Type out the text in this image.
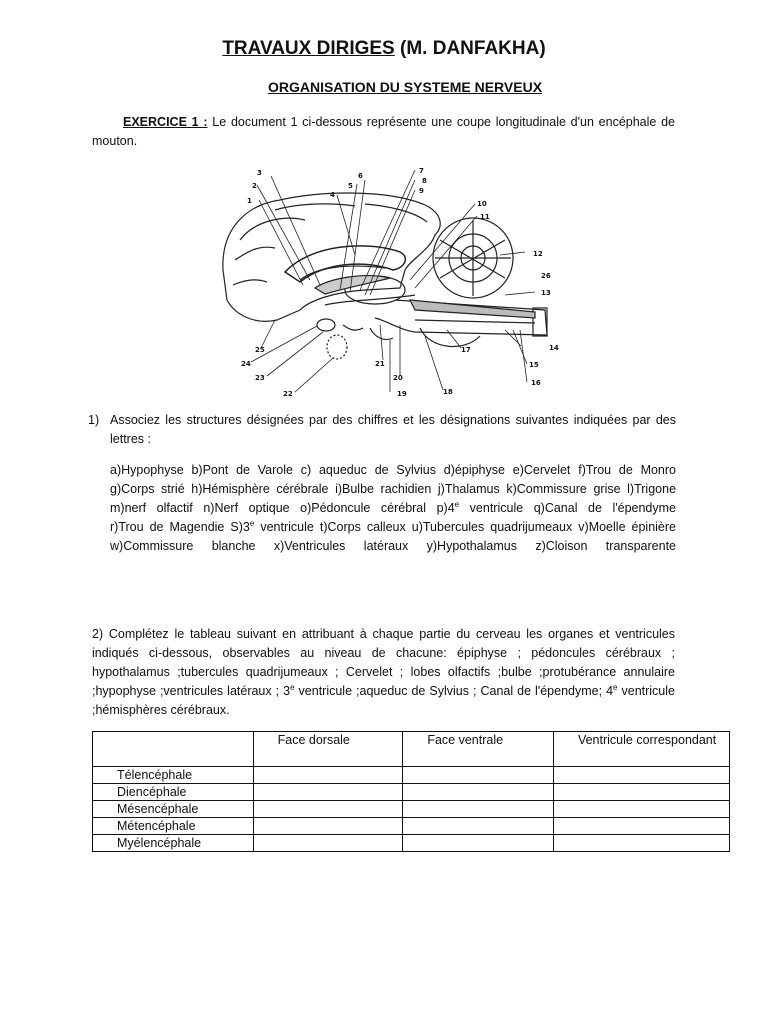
TRAVAUX DIRIGES (M. DANFAKHA)
ORGANISATION DU SYSTEME NERVEUX
EXERCICE 1 : Le document 1 ci-dessous représente une coupe longitudinale d'un encéphale de mouton.
1
2
3
4
5
6
7
8
9
10
11
12
26
13
14
15
16
17
18
19
20
21
22
23
24
25
1) Associez les structures désignées par des chiffres et les désignations suivantes indiquées par des lettres :
a)Hypophyse b)Pont de Varole c) aqueduc de Sylvius d)épiphyse e)Cervelet f)Trou de Monro g)Corps strié h)Hémisphère cérébrale i)Bulbe rachidien j)Thalamus k)Commissure grise l)Trigone m)nerf olfactif n)Nerf optique o)Pédoncule cérébral p)4e ventricule q)Canal de l'épendyme r)Trou de Magendie S)3e ventricule t)Corps calleux u)Tubercules quadrijumeaux v)Moelle épinière w)Commissure blanche x)Ventricules latéraux y)Hypothalamus z)Cloison transparente
2) Complétez le tableau suivant en attribuant à chaque partie du cerveau les organes et ventricules indiqués ci-dessous, observables au niveau de chacune: épiphyse ; pédoncules cérébraux ; hypothalamus ;tubercules quadrijumeaux ; Cervelet ; lobes olfactifs ;bulbe ;protubérance annulaire ;hypophyse ;ventricules latéraux ; 3e ventricule ;aqueduc de Sylvius ; Canal de l'épendyme; 4e ventricule ;hémisphères cérébraux.
	Face dorsale	Face ventrale	Ventricule correspondant
Télencéphale			
Diencéphale			
Mésencéphale			
Métencéphale			
Myélencéphale			
